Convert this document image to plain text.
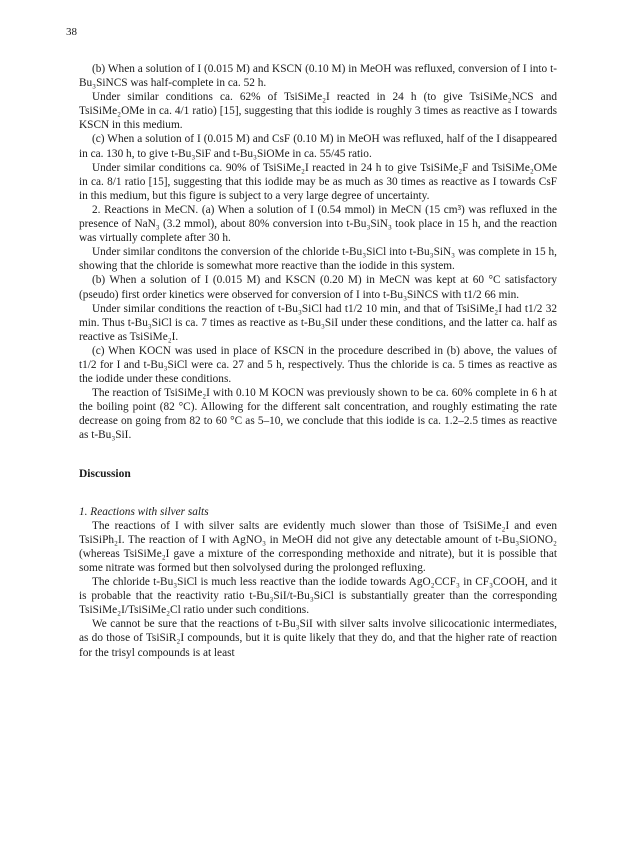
38

(b) When a solution of I (0.015 M) and KSCN (0.10 M) in MeOH was refluxed, conversion of I into t-Bu₃SiNCS was half-complete in ca. 52 h.

Under similar conditions ca. 62% of TsiSiMe₂I reacted in 24 h (to give TsiSiMe₂NCS and TsiSiMe₂OMe in ca. 4/1 ratio) [15], suggesting that this iodide is roughly 3 times as reactive as I towards KSCN in this medium.

(c) When a solution of I (0.015 M) and CsF (0.10 M) in MeOH was refluxed, half of the I disappeared in ca. 130 h, to give t-Bu₃SiF and t-Bu₃SiOMe in ca. 55/45 ratio.

Under similar conditions ca. 90% of TsiSiMe₂I reacted in 24 h to give TsiSiMe₂F and TsiSiMe₂OMe in ca. 8/1 ratio [15], suggesting that this iodide may be as much as 30 times as reactive as I towards CsF in this medium, but this figure is subject to a very large degree of uncertainty.

2. Reactions in MeCN. (a) When a solution of I (0.54 mmol) in MeCN (15 cm³) was refluxed in the presence of NaN₃ (3.2 mmol), about 80% conversion into t-Bu₃SiN₃ took place in 15 h, and the reaction was virtually complete after 30 h.

Under similar conditons the conversion of the chloride t-Bu₃SiCl into t-Bu₃SiN₃ was complete in 15 h, showing that the chloride is somewhat more reactive than the iodide in this system.

(b) When a solution of I (0.015 M) and KSCN (0.20 M) in MeCN was kept at 60 °C satisfactory (pseudo) first order kinetics were observed for conversion of I into t-Bu₃SiNCS with t1/2 66 min.

Under similar conditions the reaction of t-Bu₃SiCl had t1/2 10 min, and that of TsiSiMe₂I had t1/2 32 min. Thus t-Bu₃SiCl is ca. 7 times as reactive as t-Bu₃SiI under these conditions, and the latter ca. half as reactive as TsiSiMe₂I.

(c) When KOCN was used in place of KSCN in the procedure described in (b) above, the values of t1/2 for I and t-Bu₃SiCl were ca. 27 and 5 h, respectively. Thus the chloride is ca. 5 times as reactive as the iodide under these conditions.

The reaction of TsiSiMe₂I with 0.10 M KOCN was previously shown to be ca. 60% complete in 6 h at the boiling point (82 °C). Allowing for the different salt concentration, and roughly estimating the rate decrease on going from 82 to 60 °C as 5–10, we conclude that this iodide is ca. 1.2–2.5 times as reactive as t-Bu₃SiI.

Discussion
1. Reactions with silver salts

The reactions of I with silver salts are evidently much slower than those of TsiSiMe₂I and even TsiSiPh₂I. The reaction of I with AgNO₃ in MeOH did not give any detectable amount of t-Bu₃SiONO₂ (whereas TsiSiMe₂I gave a mixture of the corresponding methoxide and nitrate), but it is possible that some nitrate was formed but then solvolysed during the prolonged refluxing.

The chloride t-Bu₃SiCl is much less reactive than the iodide towards AgO₂CCF₃ in CF₃COOH, and it is probable that the reactivity ratio t-Bu₃SiI/t-Bu₃SiCl is substantially greater than the corresponding TsiSiMe₂I/TsiSiMe₂Cl ratio under such conditions.

We cannot be sure that the reactions of t-Bu₃SiI with silver salts involve silicocationic intermediates, as do those of TsiSiR₂I compounds, but it is quite likely that they do, and that the higher rate of reaction for the trisyl compounds is at least
